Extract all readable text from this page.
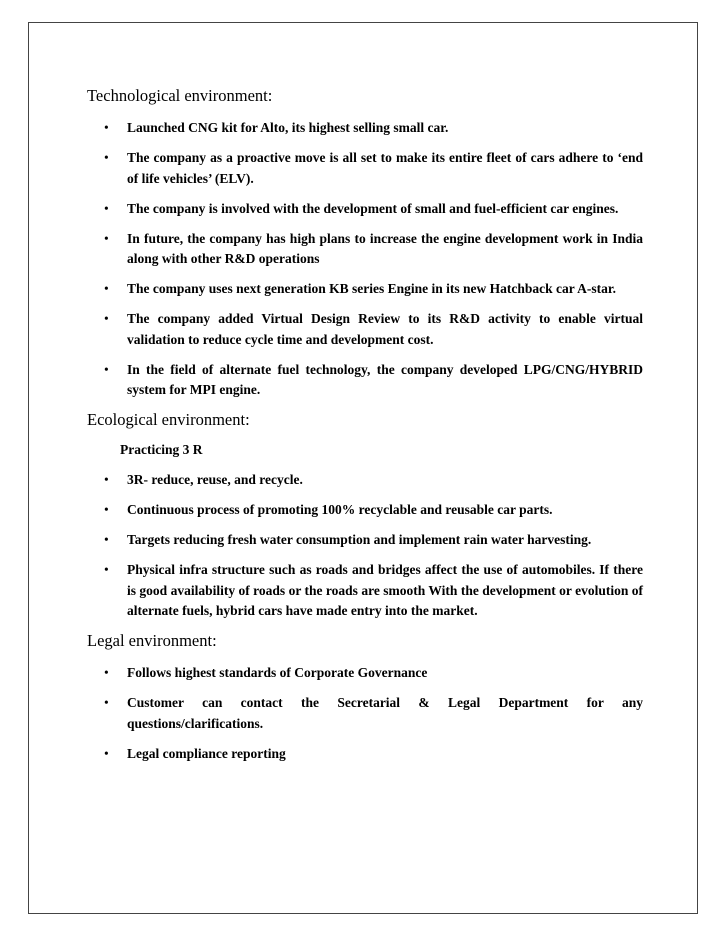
Technological environment:
• Launched CNG kit for Alto, its highest selling small car.
• The company as a proactive move is all set to make its entire fleet of cars adhere to ‘end of life vehicles’ (ELV).
• The company is involved with the development of small and fuel-efficient car engines.
• In future, the company has high plans to increase the engine development work in India along with other R&D operations
• The company uses next generation KB series Engine in its new Hatchback car A-star.
• The company added Virtual Design Review to its R&D activity to enable virtual validation to reduce cycle time and development cost.
• In the field of alternate fuel technology, the company developed LPG/CNG/HYBRID system for MPI engine.
Ecological environment:

Practicing 3 R

• 3R- reduce, reuse, and recycle.
• Continuous process of promoting 100% recyclable and reusable car parts.
• Targets reducing fresh water consumption and implement rain water harvesting.
• Physical infra structure such as roads and bridges affect the use of automobiles. If there is good availability of roads or the roads are smooth With the development or evolution of alternate fuels, hybrid cars have made entry into the market.
Legal environment:
• Follows highest standards of Corporate Governance
• Customer can contact the Secretarial & Legal Department for any questions/clarifications.
• Legal compliance reporting
